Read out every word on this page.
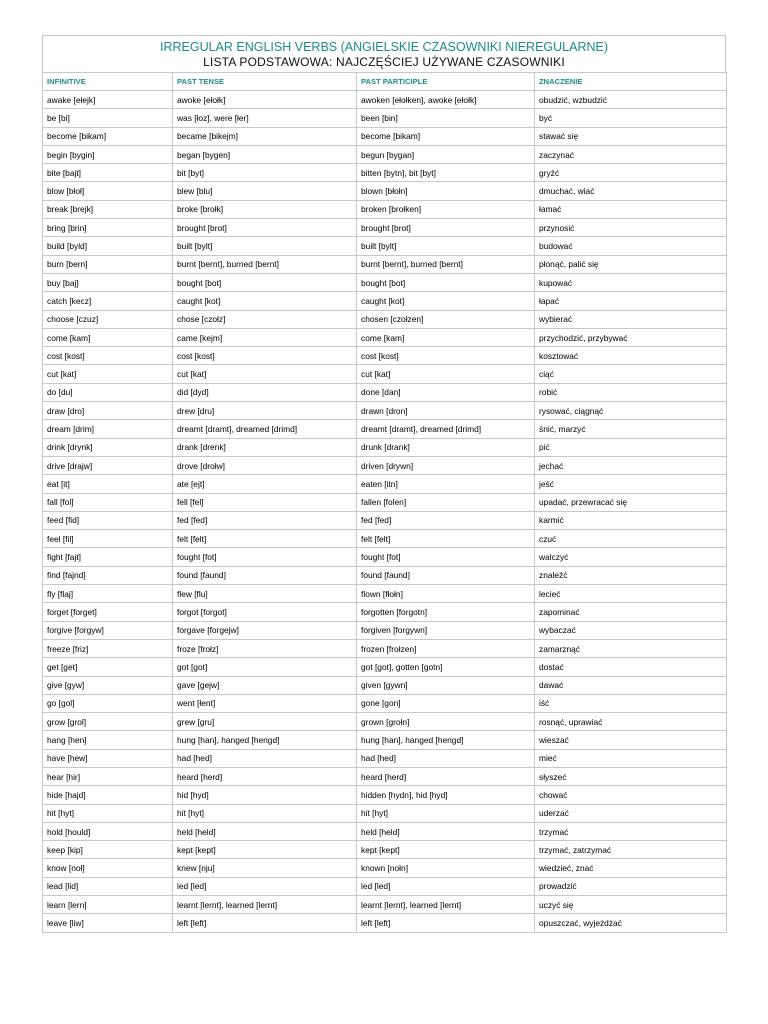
IRREGULAR ENGLISH VERBS (ANGIELSKIE CZASOWNIKI NIEREGULARNE)
LISTA PODSTAWOWA: NAJCZĘŚCIEJ UŻYWANE CZASOWNIKI
INFINITIVE	PAST TENSE	PAST PARTICIPLE	ZNACZENIE
awake [ełejk]	awoke [ełołk]	awoken [ełołken], awoke [ełołk]	obudzić, wzbudzić
be [bi]	was [łoz], were [łer]	been [bin]	być
become [bikam]	became [bikejm]	become [bikam]	stawać się
begin [bygin]	began [bygen]	begun [bygan]	zaczynać
bite [bajt]	bit [byt]	bitten [bytn], bit [byt]	gryźć
blow [błoł]	blew [blu]	blown [błołn]	dmuchać, wiać
break [brejk]	broke [brołk]	broken [brołken]	łamać
bring [brin]	brought [brot]	brought [brot]	przynosić
build [byld]	built [bylt]	built [bylt]	budować
burn [bern]	burnt [bernt], burned [bernt]	burnt [bernt], burned [bernt]	płonąć, palić się
buy [baj]	bought [bot]	bought [bot]	kupować
catch [kecz]	caught [kot]	caught [kot]	łapać
choose [czuz]	chose [czołz]	chosen [czołzen]	wybierać
come [kam]	came [kejm]	come [kam]	przychodzić, przybywać
cost [kost]	cost [kost]	cost [kost]	kosztować
cut [kat]	cut [kat]	cut [kat]	ciąć
do [du]	did [dyd]	done [dan]	robić
draw [dro]	drew [dru]	drawn [dron]	rysować, ciągnąć
dream [drim]	dreamt [dramt], dreamed [drimd]	dreamt [dramt], dreamed [drimd]	śnić, marzyć
drink [drynk]	drank [drenk]	drunk [drank]	pić
drive [drajw]	drove [drołw]	driven [drywn]	jechać
eat [it]	ate [ejt]	eaten [itn]	jeść
fall [fol]	fell [fel]	fallen [folen]	upadać, przewracać się
feed [fid]	fed [fed]	fed [fed]	karmić
feel [fil]	felt [felt]	felt [felt]	czuć
fight [fajt]	fought [fot]	fought [fot]	walczyć
find [fajnd]	found [faund]	found [faund]	znaleźć
fly [flaj]	flew [flu]	flown [fłołn]	lecieć
forget [forget]	forgot [forgot]	forgotten [forgotn]	zapominać
forgive [forgyw]	forgave [forgejw]	forgiven [forgywn]	wybaczać
freeze [friz]	froze [frołz]	frozen [frołzen]	zamarznąć
get [get]	got [got]	got [got], gotten [gotn]	dostać
give [gyw]	gave [gejw]	given [gywn]	dawać
go [gol]	went [łent]	gone [gon]	iść
grow [grol]	grew [gru]	grown [grołn]	rosnąć, uprawiać
hang [hen]	hung [han], hanged [hengd]	hung [han], hanged [hengd]	wieszać
have [hew]	had [hed]	had [hed]	mieć
hear [hir]	heard [herd]	heard [herd]	słyszeć
hide [hajd]	hid [hyd]	hidden [hydn], hid [hyd]	chować
hit [hyt]	hit [hyt]	hit [hyt]	uderzać
hold [hould]	held [held]	held [held]	trzymać
keep [kip]	kept [kept]	kept [kept]	trzymać, zatrzymać
know [noł]	knew [nju]	known [nołn]	wiedzieć, znać
lead [lid]	led [led]	led [led]	prowadzić
learn [lern]	learnt [lernt], learned [lernt]	learnt [lernt], learned [lernt]	uczyć się
leave [liw]	left [left]	left [left]	opuszczać, wyjeżdżać
